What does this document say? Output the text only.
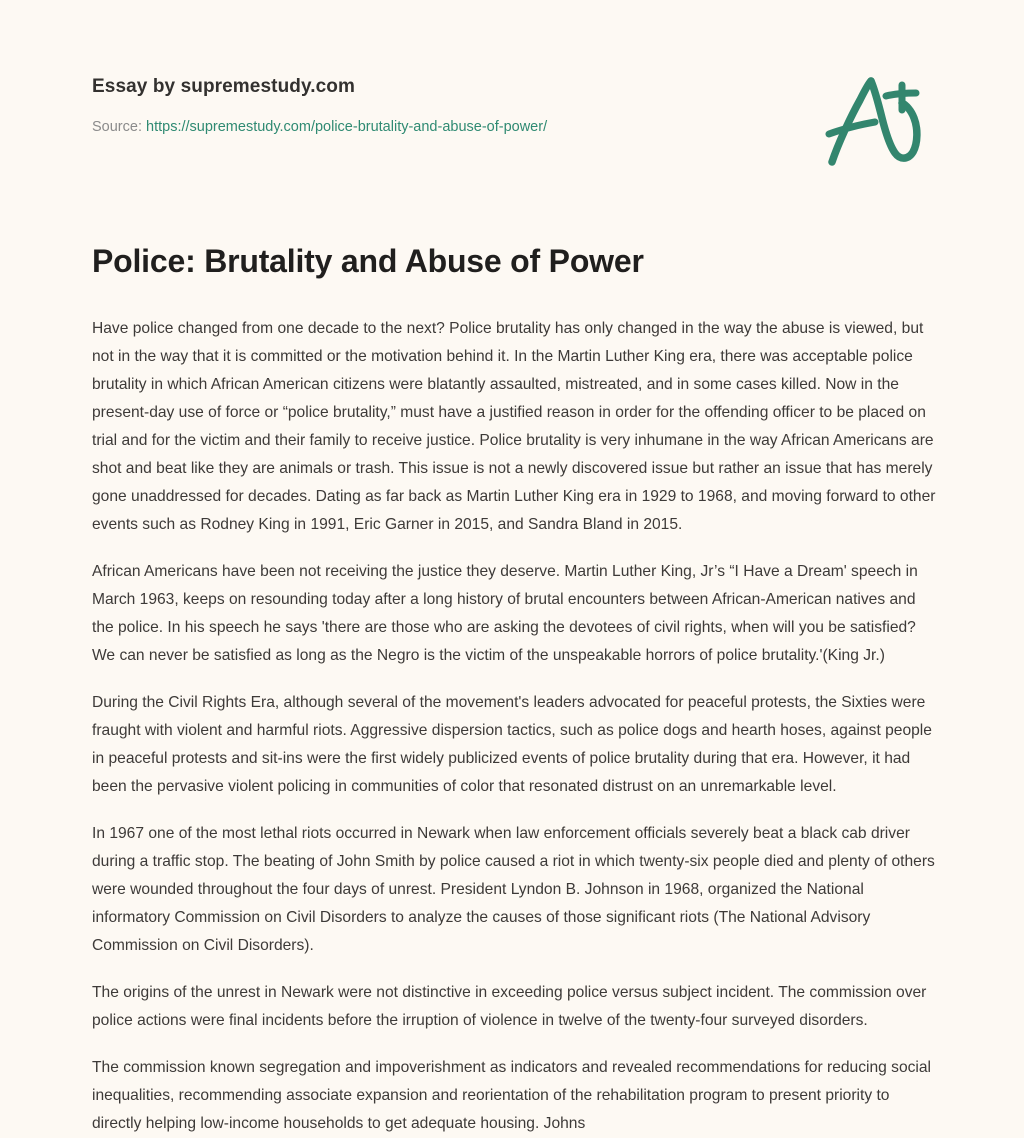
Essay by supremestudy.com

Source: https://supremestudy.com/police-brutality-and-abuse-of-power/

Police: Brutality and Abuse of Power

Have police changed from one decade to the next? Police brutality has only changed in the way the abuse is viewed, but not in the way that it is committed or the motivation behind it. In the Martin Luther King era, there was acceptable police brutality in which African American citizens were blatantly assaulted, mistreated, and in some cases killed. Now in the present-day use of force or “police brutality,” must have a justified reason in order for the offending officer to be placed on trial and for the victim and their family to receive justice. Police brutality is very inhumane in the way African Americans are shot and beat like they are animals or trash. This issue is not a newly discovered issue but rather an issue that has merely gone unaddressed for decades. Dating as far back as Martin Luther King era in 1929 to 1968, and moving forward to other events such as Rodney King in 1991, Eric Garner in 2015, and Sandra Bland in 2015.

African Americans have been not receiving the justice they deserve. Martin Luther King, Jr’s “I Have a Dream' speech in March 1963, keeps on resounding today after a long history of brutal encounters between African-American natives and the police. In his speech he says 'there are those who are asking the devotees of civil rights, when will you be satisfied? We can never be satisfied as long as the Negro is the victim of the unspeakable horrors of police brutality.'(King Jr.)

During the Civil Rights Era, although several of the movement's leaders advocated for peaceful protests, the Sixties were fraught with violent and harmful riots. Aggressive dispersion tactics, such as police dogs and hearth hoses, against people in peaceful protests and sit-ins were the first widely publicized events of police brutality during that era. However, it had been the pervasive violent policing in communities of color that resonated distrust on an unremarkable level.

In 1967 one of the most lethal riots occurred in Newark when law enforcement officials severely beat a black cab driver during a traffic stop. The beating of John Smith by police caused a riot in which twenty-six people died and plenty of others were wounded throughout the four days of unrest. President Lyndon B. Johnson in 1968, organized the National informatory Commission on Civil Disorders to analyze the causes of those significant riots (The National Advisory Commission on Civil Disorders).

The origins of the unrest in Newark were not distinctive in exceeding police versus subject incident. The commission over police actions were final incidents before the irruption of violence in twelve of the twenty-four surveyed disorders.

The commission known segregation and impoverishment as indicators and revealed recommendations for reducing social inequalities, recommending associate expansion and reorientation of the rehabilitation program to present priority to directly helping low-income households to get adequate housing. Johns
